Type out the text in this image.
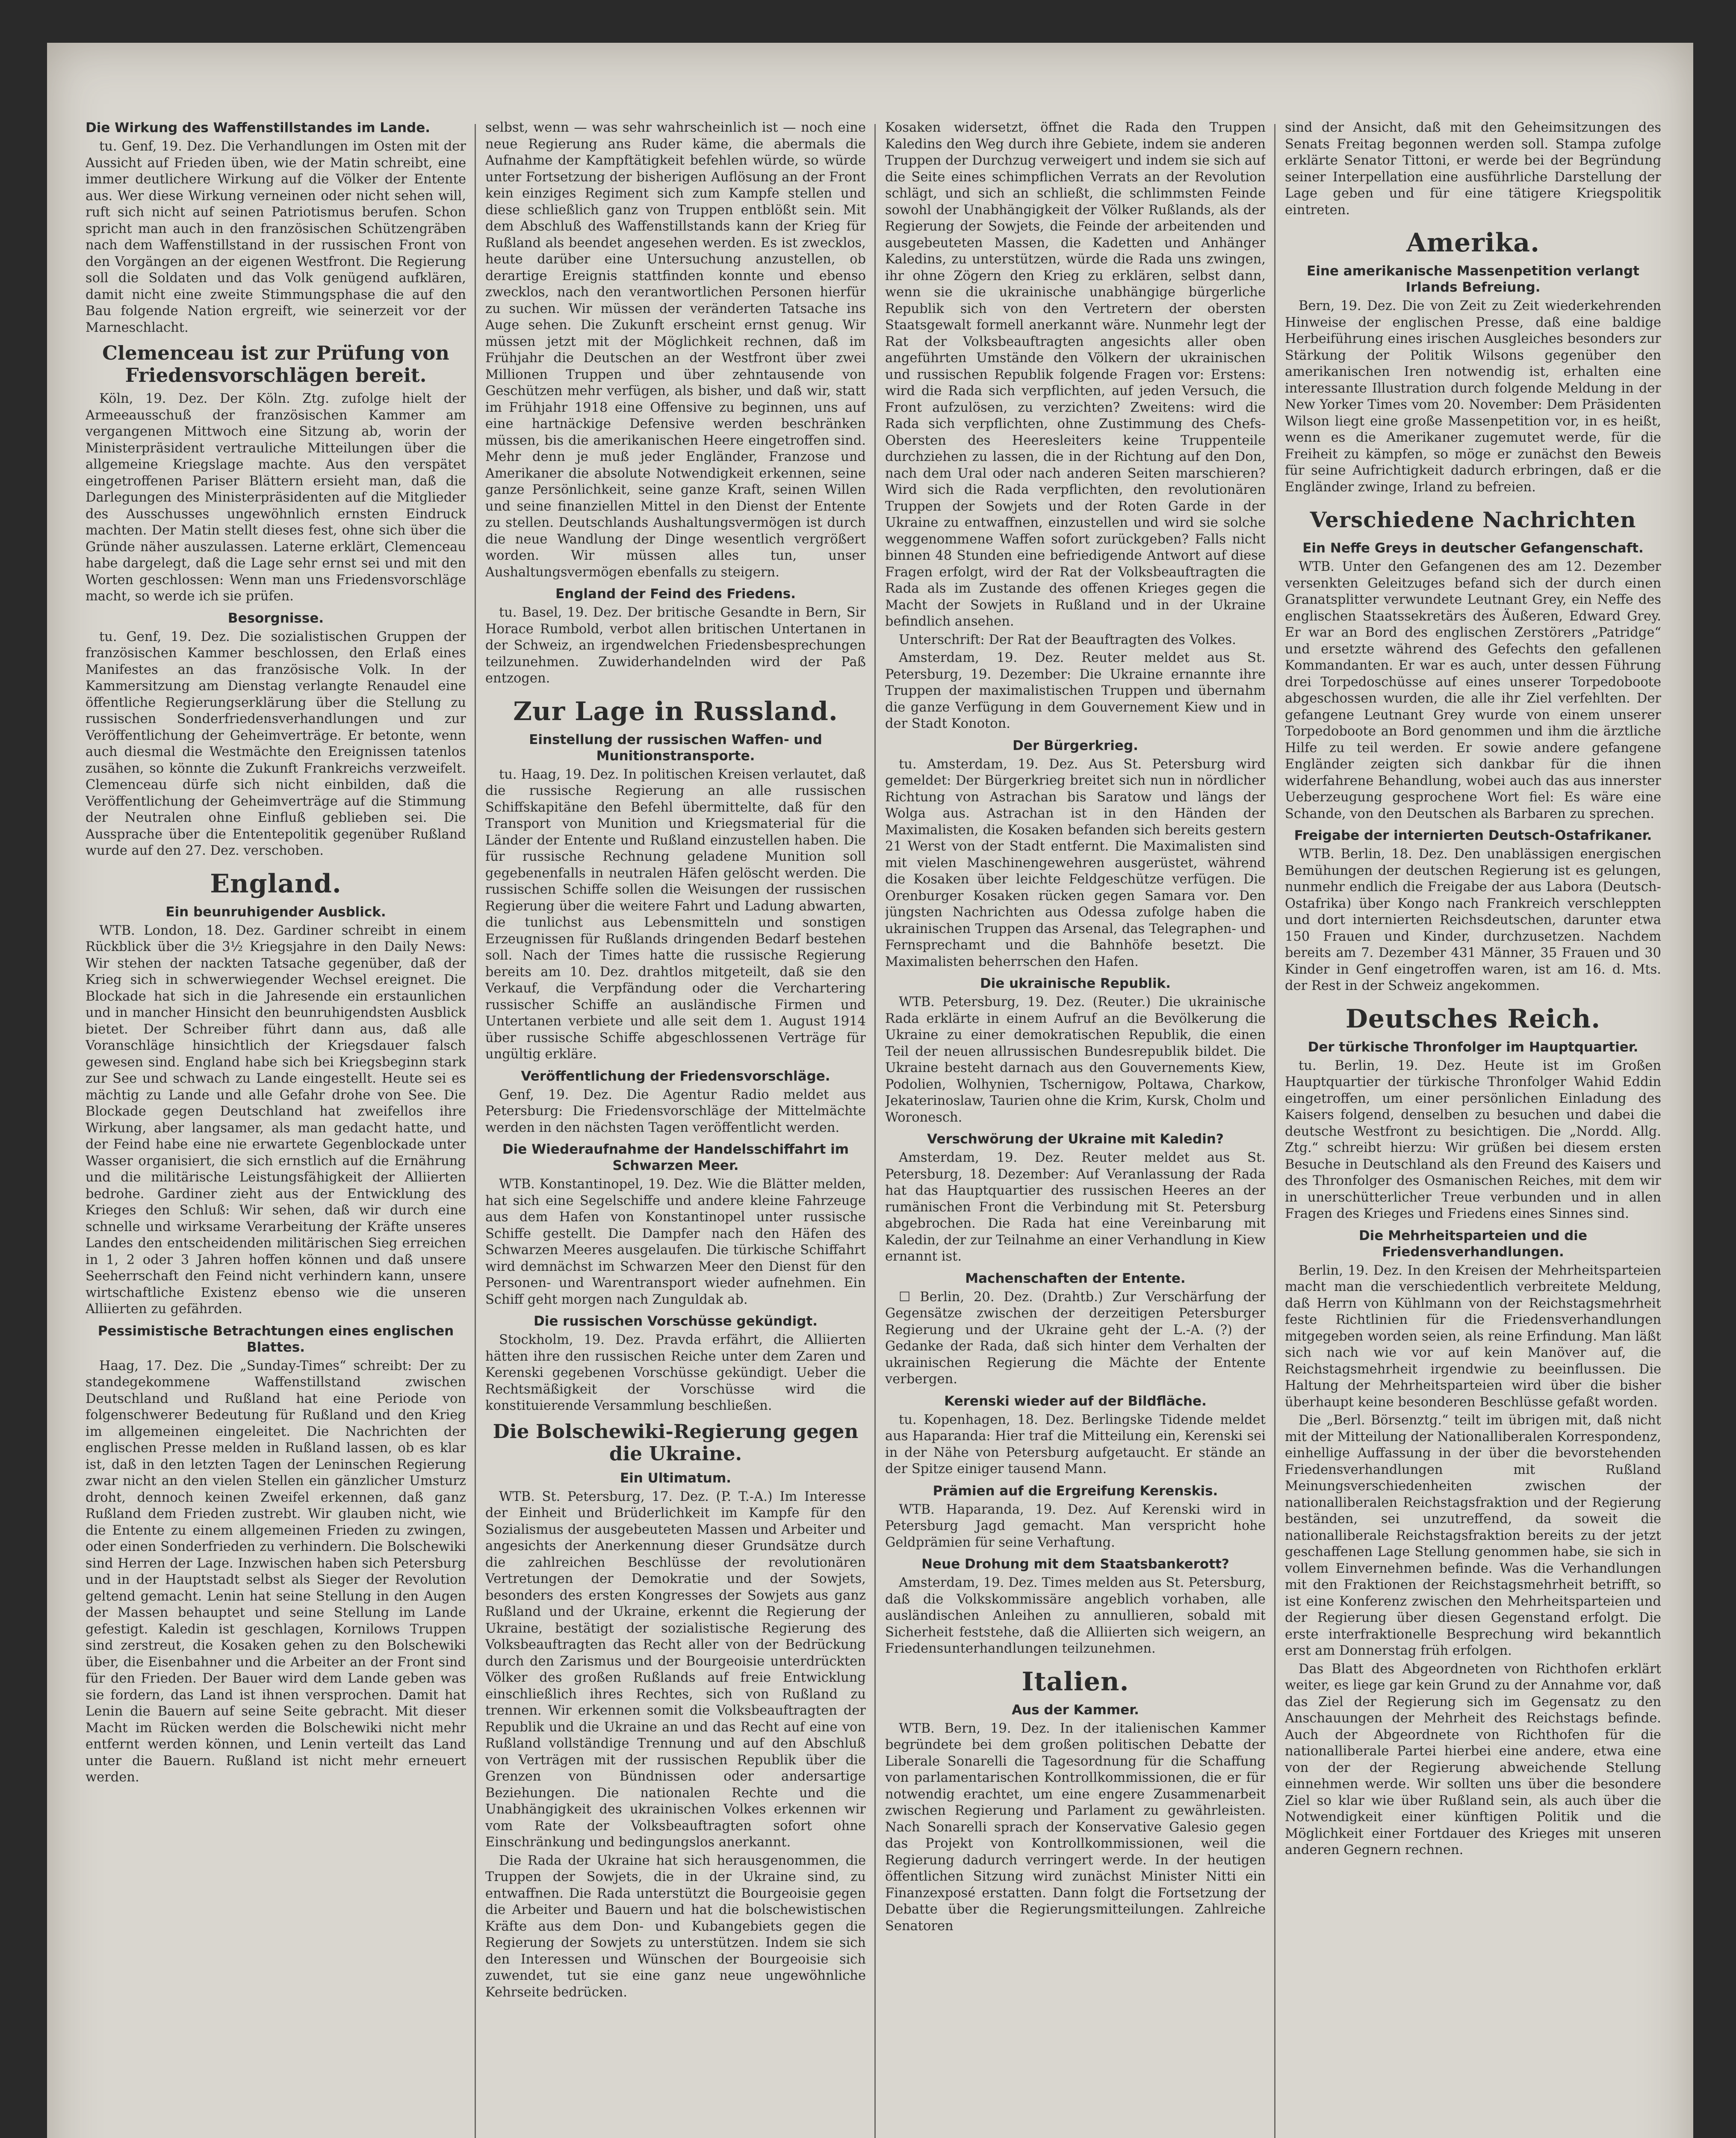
Die Wirkung des Waffenstillstandes im Lande.

tu. Genf, 19. Dez. Die Verhandlungen im Osten mit der Aussicht auf Frieden üben, wie der Matin schreibt, eine immer deutlichere Wirkung auf die Völker der Entente aus. Wer diese Wirkung verneinen oder nicht sehen will, ruft sich nicht auf seinen Patriotismus berufen. Schon spricht man auch in den französischen Schützengräben nach dem Waffenstillstand in der russischen Front von den Vorgängen an der eigenen Westfront. Die Regierung soll die Soldaten und das Volk genügend aufklären, damit nicht eine zweite Stimmungsphase die auf den Bau folgende Nation ergreift, wie seinerzeit vor der Marneschlacht.

Clemenceau ist zur Prüfung von Friedensvorschlägen bereit.

Köln, 19. Dez. Der Köln. Ztg. zufolge hielt der Armeeausschuß der französischen Kammer am vergangenen Mittwoch eine Sitzung ab, worin der Ministerpräsident vertrauliche Mitteilungen über die allgemeine Kriegslage machte. Aus den verspätet eingetroffenen Pariser Blättern ersieht man, daß die Darlegungen des Ministerpräsidenten auf die Mitglieder des Ausschusses ungewöhnlich ernsten Eindruck machten. Der Matin stellt dieses fest, ohne sich über die Gründe näher auszulassen. Laterne erklärt, Clemenceau habe dargelegt, daß die Lage sehr ernst sei und mit den Worten geschlossen: Wenn man uns Friedensvorschläge macht, so werde ich sie prüfen.

Besorgnisse.

tu. Genf, 19. Dez. Die sozialistischen Gruppen der französischen Kammer beschlossen, den Erlaß eines Manifestes an das französische Volk. In der Kammersitzung am Dienstag verlangte Renaudel eine öffentliche Regierungserklärung über die Stellung zu russischen Sonderfriedensverhandlungen und zur Veröffentlichung der Geheimverträge. Er betonte, wenn auch diesmal die Westmächte den Ereignissen tatenlos zusähen, so könnte die Zukunft Frankreichs verzweifelt. Clemenceau dürfe sich nicht einbilden, daß die Veröffentlichung der Geheimverträge auf die Stimmung der Neutralen ohne Einfluß geblieben sei. Die Aussprache über die Ententepolitik gegenüber Rußland wurde auf den 27. Dez. verschoben.

England.
Ein beunruhigender Ausblick.

WTB. London, 18. Dez. Gardiner schreibt in einem Rückblick über die 3½ Kriegsjahre in den Daily News: Wir stehen der nackten Tatsache gegenüber, daß der Krieg sich in schwerwiegender Wechsel ereignet. Die Blockade hat sich in die Jahresende ein erstaunlichen und in mancher Hinsicht den beunruhigendsten Ausblick bietet. Der Schreiber führt dann aus, daß alle Voranschläge hinsichtlich der Kriegsdauer falsch gewesen sind. England habe sich bei Kriegsbeginn stark zur See und schwach zu Lande eingestellt. Heute sei es mächtig zu Lande und alle Gefahr drohe von See. Die Blockade gegen Deutschland hat zweifellos ihre Wirkung, aber langsamer, als man gedacht hatte, und der Feind habe eine nie erwartete Gegenblockade unter Wasser organisiert, die sich ernstlich auf die Ernährung und die militärische Leistungsfähigkeit der Alliierten bedrohe. Gardiner zieht aus der Entwicklung des Krieges den Schluß: Wir sehen, daß wir durch eine schnelle und wirksame Verarbeitung der Kräfte unseres Landes den entscheidenden militärischen Sieg erreichen in 1, 2 oder 3 Jahren hoffen können und daß unsere Seeherrschaft den Feind nicht verhindern kann, unsere wirtschaftliche Existenz ebenso wie die unseren Alliierten zu gefährden.

Pessimistische Betrachtungen eines englischen Blattes.

Haag, 17. Dez. Die „Sunday-Times“ schreibt: Der zu standegekommene Waffenstillstand zwischen Deutschland und Rußland hat eine Periode von folgenschwerer Bedeutung für Rußland und den Krieg im allgemeinen eingeleitet. Die Nachrichten der englischen Presse melden in Rußland lassen, ob es klar ist, daß in den letzten Tagen der Leninschen Regierung zwar nicht an den vielen Stellen ein gänzlicher Umsturz droht, dennoch keinen Zweifel erkennen, daß ganz Rußland dem Frieden zustrebt. Wir glauben nicht, wie die Entente zu einem allgemeinen Frieden zu zwingen, oder einen Sonderfrieden zu verhindern. Die Bolschewiki sind Herren der Lage. Inzwischen haben sich Petersburg und in der Hauptstadt selbst als Sieger der Revolution geltend gemacht. Lenin hat seine Stellung in den Augen der Massen behauptet und seine Stellung im Lande gefestigt. Kaledin ist geschlagen, Kornilows Truppen sind zerstreut, die Kosaken gehen zu den Bolschewiki über, die Eisenbahner und die Arbeiter an der Front sind für den Frieden. Der Bauer wird dem Lande geben was sie fordern, das Land ist ihnen versprochen. Damit hat Lenin die Bauern auf seine Seite gebracht. Mit dieser Macht im Rücken werden die Bolschewiki nicht mehr entfernt werden können, und Lenin verteilt das Land unter die Bauern. Rußland ist nicht mehr erneuert werden.

selbst, wenn — was sehr wahrscheinlich ist — noch eine neue Regierung ans Ruder käme, die abermals die Aufnahme der Kampftätigkeit befehlen würde, so würde unter Fortsetzung der bisherigen Auflösung an der Front kein einziges Regiment sich zum Kampfe stellen und diese schließlich ganz von Truppen entblößt sein. Mit dem Abschluß des Waffenstillstands kann der Krieg für Rußland als beendet angesehen werden. Es ist zwecklos, heute darüber eine Untersuchung anzustellen, ob derartige Ereignis stattfinden konnte und ebenso zwecklos, nach den verantwortlichen Personen hierfür zu suchen. Wir müssen der veränderten Tatsache ins Auge sehen. Die Zukunft erscheint ernst genug. Wir müssen jetzt mit der Möglichkeit rechnen, daß im Frühjahr die Deutschen an der Westfront über zwei Millionen Truppen und über zehntausende von Geschützen mehr verfügen, als bisher, und daß wir, statt im Frühjahr 1918 eine Offensive zu beginnen, uns auf eine hartnäckige Defensive werden beschränken müssen, bis die amerikanischen Heere eingetroffen sind. Mehr denn je muß jeder Engländer, Franzose und Amerikaner die absolute Notwendigkeit erkennen, seine ganze Persönlichkeit, seine ganze Kraft, seinen Willen und seine finanziellen Mittel in den Dienst der Entente zu stellen. Deutschlands Aushaltungsvermögen ist durch die neue Wandlung der Dinge wesentlich vergrößert worden. Wir müssen alles tun, unser Aushaltungsvermögen ebenfalls zu steigern.

England der Feind des Friedens.

tu. Basel, 19. Dez. Der britische Gesandte in Bern, Sir Horace Rumbold, verbot allen britischen Untertanen in der Schweiz, an irgendwelchen Friedensbesprechungen teilzunehmen. Zuwiderhandelnden wird der Paß entzogen.

Zur Lage in Russland.
Einstellung der russischen Waffen- und Munitionstransporte.

tu. Haag, 19. Dez. In politischen Kreisen verlautet, daß die russische Regierung an alle russischen Schiffskapitäne den Befehl übermittelte, daß für den Transport von Munition und Kriegsmaterial für die Länder der Entente und Rußland einzustellen haben. Die für russische Rechnung geladene Munition soll gegebenenfalls in neutralen Häfen gelöscht werden. Die russischen Schiffe sollen die Weisungen der russischen Regierung über die weitere Fahrt und Ladung abwarten, die tunlichst aus Lebensmitteln und sonstigen Erzeugnissen für Rußlands dringenden Bedarf bestehen soll. Nach der Times hatte die russische Regierung bereits am 10. Dez. drahtlos mitgeteilt, daß sie den Verkauf, die Verpfändung oder die Verchartering russischer Schiffe an ausländische Firmen und Untertanen verbiete und alle seit dem 1. August 1914 über russische Schiffe abgeschlossenen Verträge für ungültig erkläre.

Veröffentlichung der Friedensvorschläge.

Genf, 19. Dez. Die Agentur Radio meldet aus Petersburg: Die Friedensvorschläge der Mittelmächte werden in den nächsten Tagen veröffentlicht werden.

Die Wiederaufnahme der Handelsschiffahrt im Schwarzen Meer.

WTB. Konstantinopel, 19. Dez. Wie die Blätter melden, hat sich eine Segelschiffe und andere kleine Fahrzeuge aus dem Hafen von Konstantinopel unter russische Schiffe gestellt. Die Dampfer nach den Häfen des Schwarzen Meeres ausgelaufen. Die türkische Schiffahrt wird demnächst im Schwarzen Meer den Dienst für den Personen- und Warentransport wieder aufnehmen. Ein Schiff geht morgen nach Zunguldak ab.

Die russischen Vorschüsse gekündigt.

Stockholm, 19. Dez. Pravda erfährt, die Alliierten hätten ihre den russischen Reiche unter dem Zaren und Kerenski gegebenen Vorschüsse gekündigt. Ueber die Rechtsmäßigkeit der Vorschüsse wird die konstituierende Versammlung beschließen.

Die Bolschewiki-Regierung gegen die Ukraine.
Ein Ultimatum.

WTB. St. Petersburg, 17. Dez. (P. T.-A.) Im Interesse der Einheit und Brüderlichkeit im Kampfe für den Sozialismus der ausgebeuteten Massen und Arbeiter und angesichts der Anerkennung dieser Grundsätze durch die zahlreichen Beschlüsse der revolutionären Vertretungen der Demokratie und der Sowjets, besonders des ersten Kongresses der Sowjets aus ganz Rußland und der Ukraine, erkennt die Regierung der Ukraine, bestätigt der sozialistische Regierung des Volksbeauftragten das Recht aller von der Bedrückung durch den Zarismus und der Bourgeoisie unterdrückten Völker des großen Rußlands auf freie Entwicklung einschließlich ihres Rechtes, sich von Rußland zu trennen. Wir erkennen somit die Volksbeauftragten der Republik und die Ukraine an und das Recht auf eine von Rußland vollständige Trennung und auf den Abschluß von Verträgen mit der russischen Republik über die Grenzen von Bündnissen oder andersartige Beziehungen. Die nationalen Rechte und die Unabhängigkeit des ukrainischen Volkes erkennen wir vom Rate der Volksbeauftragten sofort ohne Einschränkung und bedingungslos anerkannt.

Die Rada der Ukraine hat sich herausgenommen, die Truppen der Sowjets, die in der Ukraine sind, zu entwaffnen. Die Rada unterstützt die Bourgeoisie gegen die Arbeiter und Bauern und hat die bolschewistischen Kräfte aus dem Don- und Kubangebiets gegen die Regierung der Sowjets zu unterstützen. Indem sie sich den Interessen und Wünschen der Bourgeoisie sich zuwendet, tut sie eine ganz neue ungewöhnliche Kehrseite bedrücken.

Kosaken widersetzt, öffnet die Rada den Truppen Kaledins den Weg durch ihre Gebiete, indem sie anderen Truppen der Durchzug verweigert und indem sie sich auf die Seite eines schimpflichen Verrats an der Revolution schlägt, und sich an schließt, die schlimmsten Feinde sowohl der Unabhängigkeit der Völker Rußlands, als der Regierung der Sowjets, die Feinde der arbeitenden und ausgebeuteten Massen, die Kadetten und Anhänger Kaledins, zu unterstützen, würde die Rada uns zwingen, ihr ohne Zögern den Krieg zu erklären, selbst dann, wenn sie die ukrainische unabhängige bürgerliche Republik sich von den Vertretern der obersten Staatsgewalt formell anerkannt wäre. Nunmehr legt der Rat der Volksbeauftragten angesichts aller oben angeführten Umstände den Völkern der ukrainischen und russischen Republik folgende Fragen vor: Erstens: wird die Rada sich verpflichten, auf jeden Versuch, die Front aufzulösen, zu verzichten? Zweitens: wird die Rada sich verpflichten, ohne Zustimmung des Chefs-Obersten des Heeresleiters keine Truppenteile durchziehen zu lassen, die in der Richtung auf den Don, nach dem Ural oder nach anderen Seiten marschieren? Wird sich die Rada verpflichten, den revolutionären Truppen der Sowjets und der Roten Garde in der Ukraine zu entwaffnen, einzustellen und wird sie solche weggenommene Waffen sofort zurückgeben? Falls nicht binnen 48 Stunden eine befriedigende Antwort auf diese Fragen erfolgt, wird der Rat der Volksbeauftragten die Rada als im Zustande des offenen Krieges gegen die Macht der Sowjets in Rußland und in der Ukraine befindlich ansehen.

Unterschrift: Der Rat der Beauftragten des Volkes.

Amsterdam, 19. Dez. Reuter meldet aus St. Petersburg, 19. Dezember: Die Ukraine ernannte ihre Truppen der maximalistischen Truppen und übernahm die ganze Verfügung in dem Gouvernement Kiew und in der Stadt Konoton.

Der Bürgerkrieg.

tu. Amsterdam, 19. Dez. Aus St. Petersburg wird gemeldet: Der Bürgerkrieg breitet sich nun in nördlicher Richtung von Astrachan bis Saratow und längs der Wolga aus. Astrachan ist in den Händen der Maximalisten, die Kosaken befanden sich bereits gestern 21 Werst von der Stadt entfernt. Die Maximalisten sind mit vielen Maschinengewehren ausgerüstet, während die Kosaken über leichte Feldgeschütze verfügen. Die Orenburger Kosaken rücken gegen Samara vor. Den jüngsten Nachrichten aus Odessa zufolge haben die ukrainischen Truppen das Arsenal, das Telegraphen- und Fernsprechamt und die Bahnhöfe besetzt. Die Maximalisten beherrschen den Hafen.

Die ukrainische Republik.

WTB. Petersburg, 19. Dez. (Reuter.) Die ukrainische Rada erklärte in einem Aufruf an die Bevölkerung die Ukraine zu einer demokratischen Republik, die einen Teil der neuen allrussischen Bundesrepublik bildet. Die Ukraine besteht darnach aus den Gouvernements Kiew, Podolien, Wolhynien, Tschernigow, Poltawa, Charkow, Jekaterinoslaw, Taurien ohne die Krim, Kursk, Cholm und Woronesch.

Verschwörung der Ukraine mit Kaledin?

Amsterdam, 19. Dez. Reuter meldet aus St. Petersburg, 18. Dezember: Auf Veranlassung der Rada hat das Hauptquartier des russischen Heeres an der rumänischen Front die Verbindung mit St. Petersburg abgebrochen. Die Rada hat eine Vereinbarung mit Kaledin, der zur Teilnahme an einer Verhandlung in Kiew ernannt ist.

Machenschaften der Entente.

☐ Berlin, 20. Dez. (Drahtb.) Zur Verschärfung der Gegensätze zwischen der derzeitigen Petersburger Regierung und der Ukraine geht der L.-A. (?) der Gedanke der Rada, daß sich hinter dem Verhalten der ukrainischen Regierung die Mächte der Entente verbergen.

Kerenski wieder auf der Bildfläche.

tu. Kopenhagen, 18. Dez. Berlingske Tidende meldet aus Haparanda: Hier traf die Mitteilung ein, Kerenski sei in der Nähe von Petersburg aufgetaucht. Er stände an der Spitze einiger tausend Mann.

Prämien auf die Ergreifung Kerenskis.

WTB. Haparanda, 19. Dez. Auf Kerenski wird in Petersburg Jagd gemacht. Man verspricht hohe Geldprämien für seine Verhaftung.

Neue Drohung mit dem Staatsbankerott?

Amsterdam, 19. Dez. Times melden aus St. Petersburg, daß die Volkskommissäre angeblich vorhaben, alle ausländischen Anleihen zu annullieren, sobald mit Sicherheit feststehe, daß die Alliierten sich weigern, an Friedensunterhandlungen teilzunehmen.

Italien.
Aus der Kammer.

WTB. Bern, 19. Dez. In der italienischen Kammer begründete bei dem großen politischen Debatte der Liberale Sonarelli die Tagesordnung für die Schaffung von parlamentarischen Kontrollkommissionen, die er für notwendig erachtet, um eine engere Zusammenarbeit zwischen Regierung und Parlament zu gewährleisten. Nach Sonarelli sprach der Konservative Galesio gegen das Projekt von Kontrollkommissionen, weil die Regierung dadurch verringert werde. In der heutigen öffentlichen Sitzung wird zunächst Minister Nitti ein Finanzexposé erstatten. Dann folgt die Fortsetzung der Debatte über die Regierungsmitteilungen. Zahlreiche Senatoren

sind der Ansicht, daß mit den Geheimsitzungen des Senats Freitag begonnen werden soll. Stampa zufolge erklärte Senator Tittoni, er werde bei der Begründung seiner Interpellation eine ausführliche Darstellung der Lage geben und für eine tätigere Kriegspolitik eintreten.

Amerika.
Eine amerikanische Massenpetition verlangt Irlands Befreiung.

Bern, 19. Dez. Die von Zeit zu Zeit wiederkehrenden Hinweise der englischen Presse, daß eine baldige Herbeiführung eines irischen Ausgleiches besonders zur Stärkung der Politik Wilsons gegenüber den amerikanischen Iren notwendig ist, erhalten eine interessante Illustration durch folgende Meldung in der New Yorker Times vom 20. November: Dem Präsidenten Wilson liegt eine große Massenpetition vor, in es heißt, wenn es die Amerikaner zugemutet werde, für die Freiheit zu kämpfen, so möge er zunächst den Beweis für seine Aufrichtigkeit dadurch erbringen, daß er die Engländer zwinge, Irland zu befreien.

Verschiedene Nachrichten
Ein Neffe Greys in deutscher Gefangenschaft.

WTB. Unter den Gefangenen des am 12. Dezember versenkten Geleitzuges befand sich der durch einen Granatsplitter verwundete Leutnant Grey, ein Neffe des englischen Staatssekretärs des Äußeren, Edward Grey. Er war an Bord des englischen Zerstörers „Patridge“ und ersetzte während des Gefechts den gefallenen Kommandanten. Er war es auch, unter dessen Führung drei Torpedoschüsse auf eines unserer Torpedoboote abgeschossen wurden, die alle ihr Ziel verfehlten. Der gefangene Leutnant Grey wurde von einem unserer Torpedoboote an Bord genommen und ihm die ärztliche Hilfe zu teil werden. Er sowie andere gefangene Engländer zeigten sich dankbar für die ihnen widerfahrene Behandlung, wobei auch das aus innerster Ueberzeugung gesprochene Wort fiel: Es wäre eine Schande, von den Deutschen als Barbaren zu sprechen.

Freigabe der internierten Deutsch-Ostafrikaner.

WTB. Berlin, 18. Dez. Den unablässigen energischen Bemühungen der deutschen Regierung ist es gelungen, nunmehr endlich die Freigabe der aus Labora (Deutsch-Ostafrika) über Kongo nach Frankreich verschleppten und dort internierten Reichsdeutschen, darunter etwa 150 Frauen und Kinder, durchzusetzen. Nachdem bereits am 7. Dezember 431 Männer, 35 Frauen und 30 Kinder in Genf eingetroffen waren, ist am 16. d. Mts. der Rest in der Schweiz angekommen.

Deutsches Reich.
Der türkische Thronfolger im Hauptquartier.

tu. Berlin, 19. Dez. Heute ist im Großen Hauptquartier der türkische Thronfolger Wahid Eddin eingetroffen, um einer persönlichen Einladung des Kaisers folgend, denselben zu besuchen und dabei die deutsche Westfront zu besichtigen. Die „Nordd. Allg. Ztg.“ schreibt hierzu: Wir grüßen bei diesem ersten Besuche in Deutschland als den Freund des Kaisers und des Thronfolger des Osmanischen Reiches, mit dem wir in unerschütterlicher Treue verbunden und in allen Fragen des Krieges und Friedens eines Sinnes sind.

Die Mehrheitsparteien und die Friedensverhandlungen.

Berlin, 19. Dez. In den Kreisen der Mehrheitsparteien macht man die verschiedentlich verbreitete Meldung, daß Herrn von Kühlmann von der Reichstagsmehrheit feste Richtlinien für die Friedensverhandlungen mitgegeben worden seien, als reine Erfindung. Man läßt sich nach wie vor auf kein Manöver auf, die Reichstagsmehrheit irgendwie zu beeinflussen. Die Haltung der Mehrheitsparteien wird über die bisher überhaupt keine besonderen Beschlüsse gefaßt worden.

Die „Berl. Börsenztg.“ teilt im übrigen mit, daß nicht mit der Mitteilung der Nationalliberalen Korrespondenz, einhellige Auffassung in der über die bevorstehenden Friedensverhandlungen mit Rußland Meinungsverschiedenheiten zwischen der nationalliberalen Reichstagsfraktion und der Regierung beständen, sei unzutreffend, da soweit die nationalliberale Reichstagsfraktion bereits zu der jetzt geschaffenen Lage Stellung genommen habe, sie sich in vollem Einvernehmen befinde. Was die Verhandlungen mit den Fraktionen der Reichstagsmehrheit betrifft, so ist eine Konferenz zwischen den Mehrheitsparteien und der Regierung über diesen Gegenstand erfolgt. Die erste interfraktionelle Besprechung wird bekanntlich erst am Donnerstag früh erfolgen.

Das Blatt des Abgeordneten von Richthofen erklärt weiter, es liege gar kein Grund zu der Annahme vor, daß das Ziel der Regierung sich im Gegensatz zu den Anschauungen der Mehrheit des Reichstags befinde. Auch der Abgeordnete von Richthofen für die nationalliberale Partei hierbei eine andere, etwa eine von der der Regierung abweichende Stellung einnehmen werde. Wir sollten uns über die besondere Ziel so klar wie über Rußland sein, als auch über die Notwendigkeit einer künftigen Politik und die Möglichkeit einer Fortdauer des Krieges mit unseren anderen Gegnern rechnen.
